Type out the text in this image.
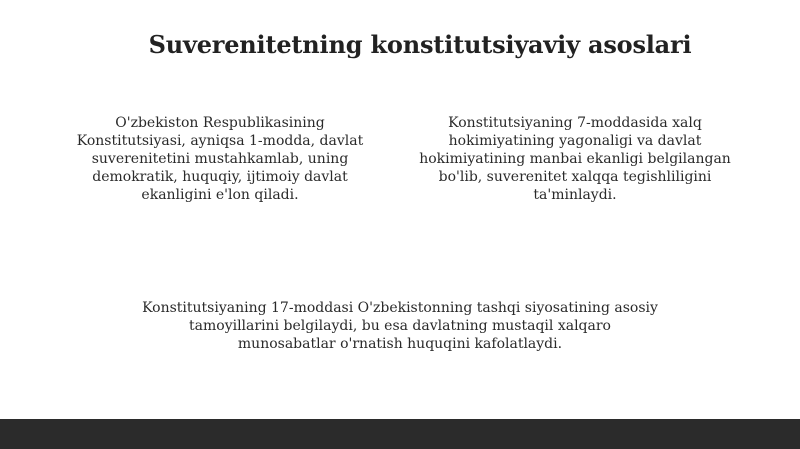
Suverenitetning konstitutsiyaviy asoslari

O'zbekiston Respublikasining Konstitutsiyasi, ayniqsa 1-modda, davlat suverenitetini mustahkamlab, uning demokratik, huquqiy, ijtimoiy davlat ekanligini e'lon qiladi.

Konstitutsiyaning 7-moddasida xalq hokimiyatining yagonaligi va davlat hokimiyatining manbai ekanligi belgilangan bo'lib, suverenitet xalqqa tegishliligini ta'minlaydi.

Konstitutsiyaning 17-moddasi O'zbekistonning tashqi siyosatining asosiy tamoyillarini belgilaydi, bu esa davlatning mustaqil xalqaro munosabatlar o'rnatish huquqini kafolatlaydi.
